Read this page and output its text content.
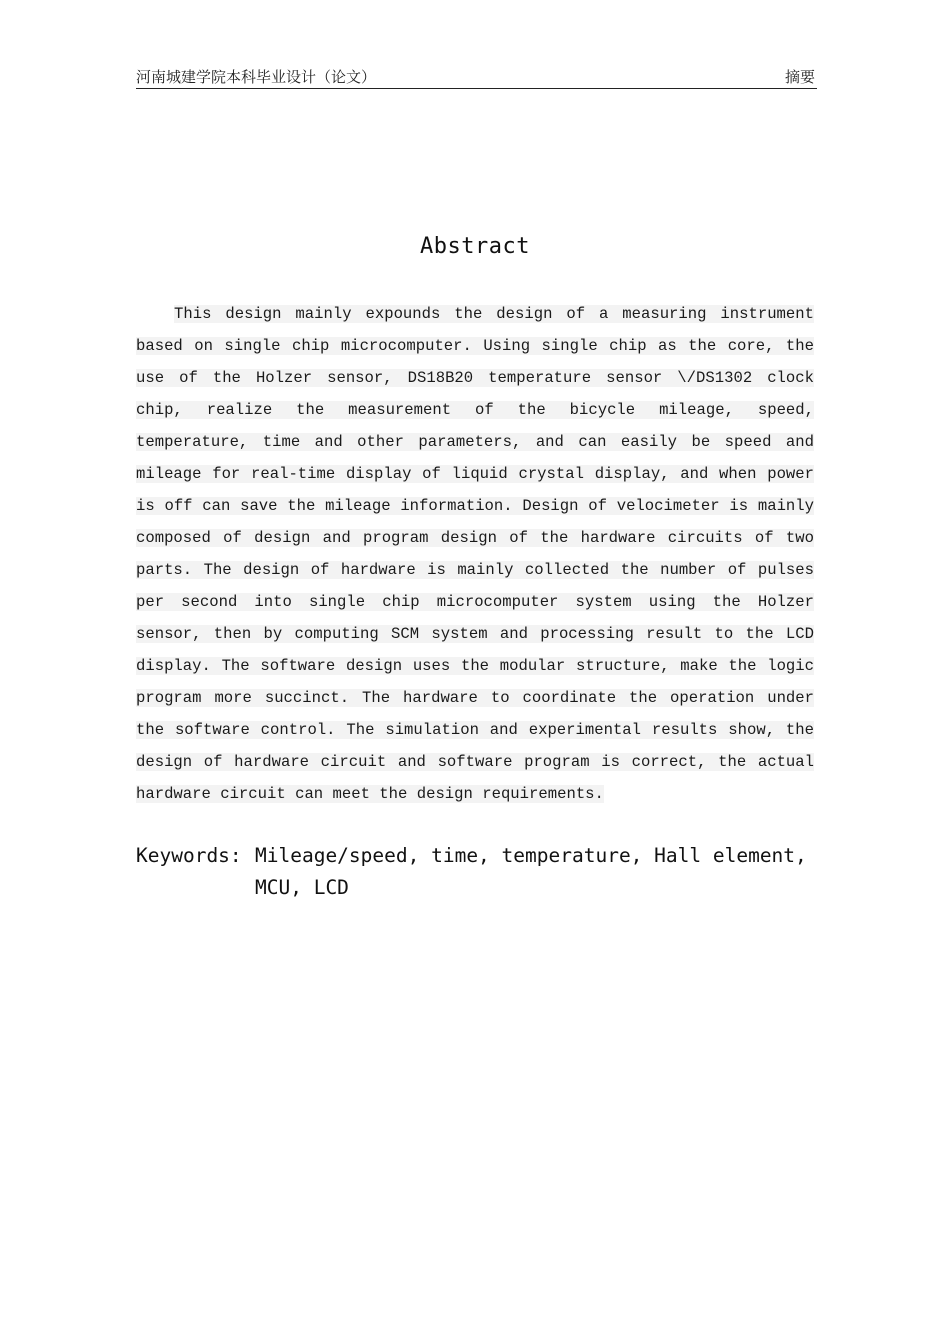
河南城建学院本科毕业设计（论文）	摘要
Abstract
This design mainly expounds the design of a measuring instrument based on single chip microcomputer. Using single chip as the core, the use of the Holzer sensor, DS18B20 temperature sensor \/DS1302 clock chip, realize the measurement of the bicycle mileage, speed, temperature, time and other parameters, and can easily be speed and mileage for real-time display of liquid crystal display, and when power is off can save the mileage information. Design of velocimeter is mainly composed of design and program design of the hardware circuits of two parts. The design of hardware is mainly collected the number of pulses per second into single chip microcomputer system using the Holzer sensor, then by computing SCM system and processing result to the LCD display. The software design uses the modular structure, make the logic program more succinct. The hardware to coordinate the operation under the software control. The simulation and experimental results show, the design of hardware circuit and software program is correct, the actual hardware circuit can meet the design requirements.
Keywords: Mileage/speed, time, temperature, Hall element, MCU, LCD
